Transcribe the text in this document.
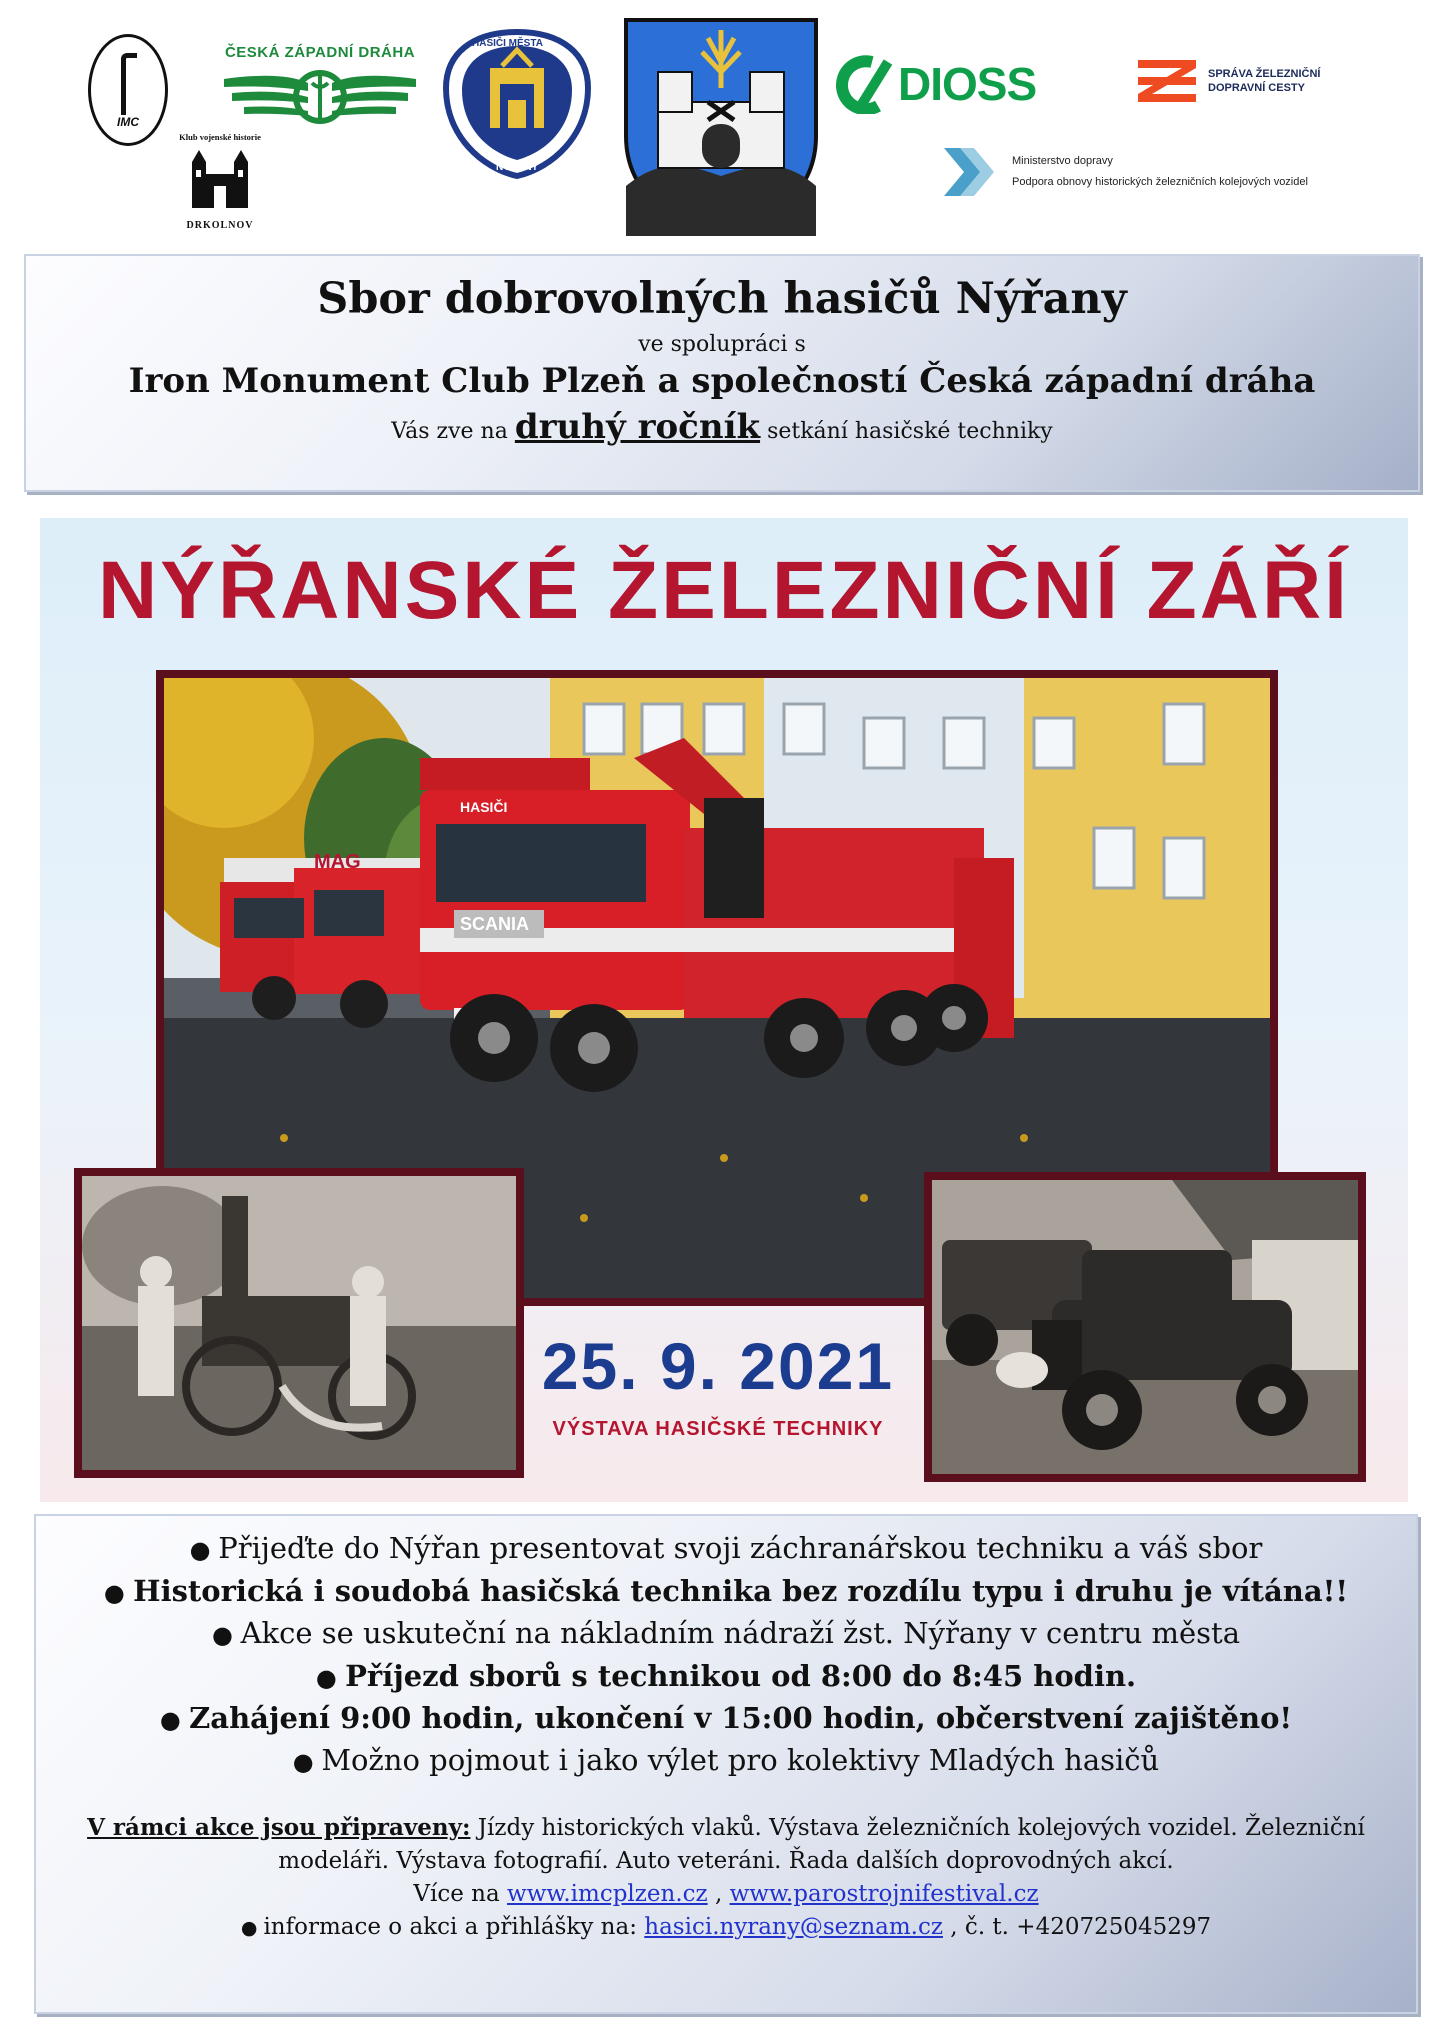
IMC
Klub vojenské historie
DRKOLNOV
ČESKÁ ZÁPADNÍ DRÁHA
HASIČI MĚSTA
NÝŘANY
DIOSS	SPRÁVA ŽELEZNIČNÍ
DOPRAVNÍ CESTY
Ministerstvo dopravy
Podpora obnovy historických železničních kolejových vozidel
Sbor dobrovolných hasičů Nýřany
ve spolupráci s
Iron Monument Club Plzeň a společností Česká západní dráha
Vás zve na druhý ročník setkání hasičské techniky
NÝŘANSKÉ ŽELEZNIČNÍ ZÁŘÍ
MAG
SCANIA
HASIČI
25. 9. 2021
VÝSTAVA HASIČSKÉ TECHNIKY
● Přijeďte do Nýřan presentovat svoji záchranářskou techniku a váš sbor
● Historická i soudobá hasičská technika bez rozdílu typu i druhu je vítána!!
● Akce se uskuteční na nákladním nádraží žst. Nýřany v centru města
● Příjezd sborů s technikou od 8:00 do 8:45 hodin.
● Zahájení 9:00 hodin, ukončení v 15:00 hodin, občerstvení zajištěno!
● Možno pojmout i jako výlet pro kolektivy Mladých hasičů

V rámci akce jsou připraveny: Jízdy historických vlaků. Výstava železničních kolejových vozidel. Železniční modeláři. Výstava fotografií. Auto veteráni. Řada dalších doprovodných akcí.

Více na www.imcplzen.cz , www.parostrojnifestival.cz

● informace o akci a přihlášky na: hasici.nyrany@seznam.cz , č. t. +420725045297
